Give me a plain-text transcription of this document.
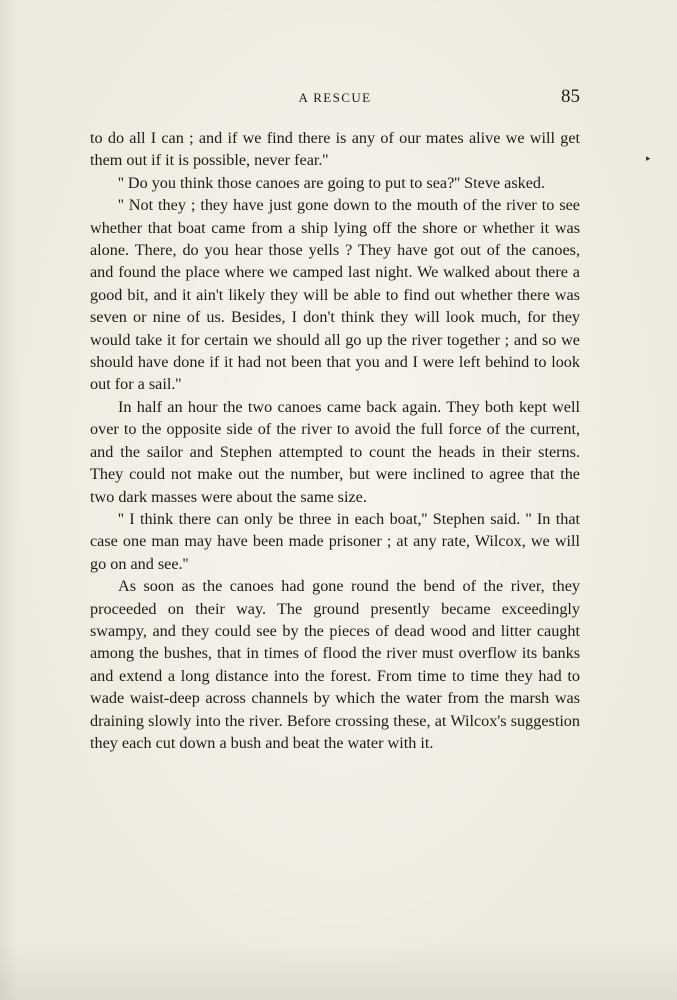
A RESCUE	85
▸

to do all I can ; and if we find there is any of our mates alive we will get them out if it is possible, never fear.''

'' Do you think those canoes are going to put to sea?'' Steve asked.

'' Not they ; they have just gone down to the mouth of the river to see whether that boat came from a ship lying off the shore or whether it was alone. There, do you hear those yells ? They have got out of the canoes, and found the place where we camped last night. We walked about there a good bit, and it ain't likely they will be able to find out whether there was seven or nine of us. Besides, I don't think they will look much, for they would take it for certain we should all go up the river together ; and so we should have done if it had not been that you and I were left behind to look out for a sail.''

In half an hour the two canoes came back again. They both kept well over to the opposite side of the river to avoid the full force of the current, and the sailor and Stephen attempted to count the heads in their sterns. They could not make out the number, but were inclined to agree that the two dark masses were about the same size.

'' I think there can only be three in each boat,'' Stephen said. '' In that case one man may have been made prisoner ; at any rate, Wilcox, we will go on and see.''

As soon as the canoes had gone round the bend of the river, they proceeded on their way. The ground presently became exceedingly swampy, and they could see by the pieces of dead wood and litter caught among the bushes, that in times of flood the river must overflow its banks and extend a long distance into the forest. From time to time they had to wade waist-deep across channels by which the water from the marsh was draining slowly into the river. Before crossing these, at Wilcox's suggestion they each cut down a bush and beat the water with it.
